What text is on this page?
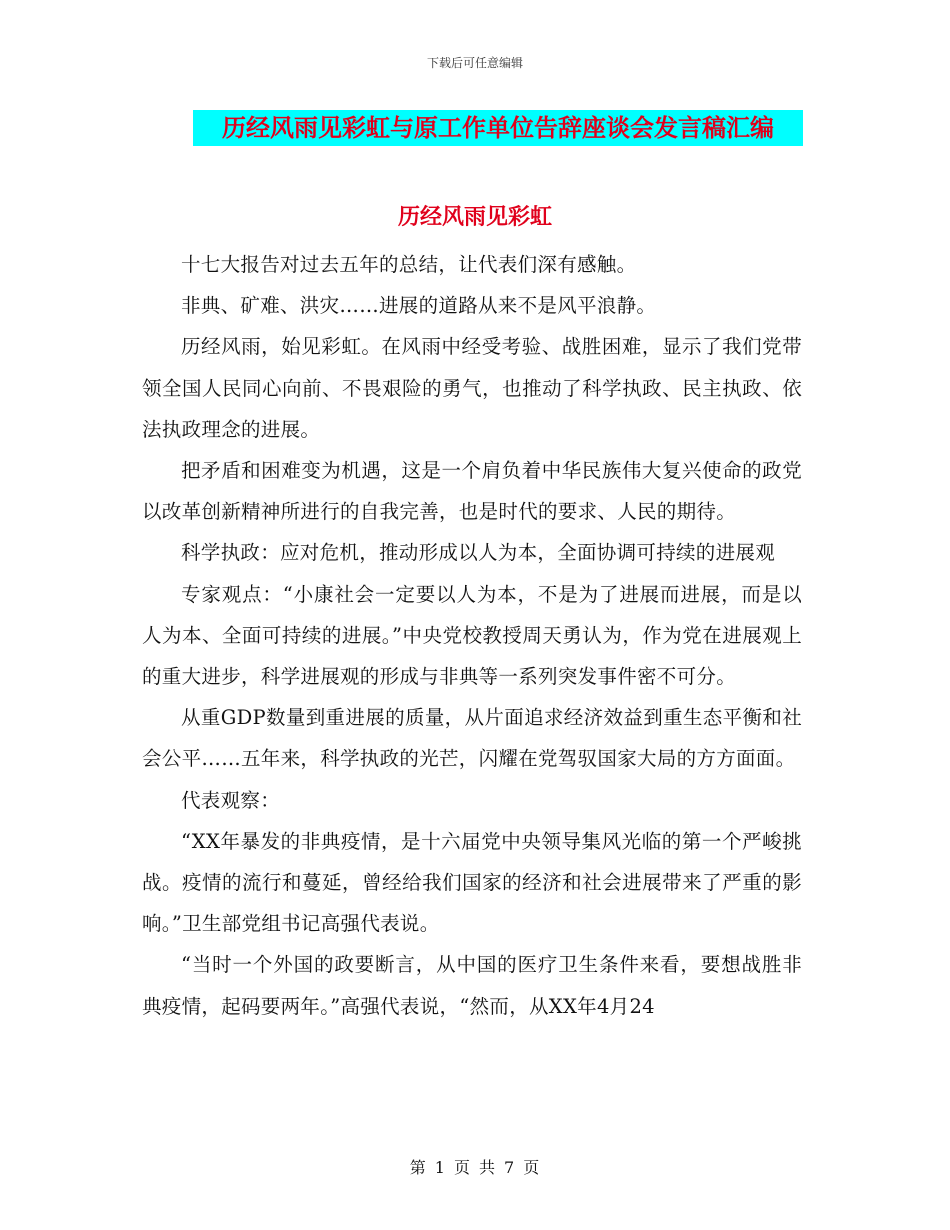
下载后可任意编辑
历经风雨见彩虹与原工作单位告辞座谈会发言稿汇编
历经风雨见彩虹

十七大报告对过去五年的总结，让代表们深有感触。

非典、矿难、洪灾……进展的道路从来不是风平浪静。

历经风雨，始见彩虹。在风雨中经受考验、战胜困难，显示了我们党带领全国人民同心向前、不畏艰险的勇气，也推动了科学执政、民主执政、依法执政理念的进展。

把矛盾和困难变为机遇，这是一个肩负着中华民族伟大复兴使命的政党以改革创新精神所进行的自我完善，也是时代的要求、人民的期待。

科学执政：应对危机，推动形成以人为本，全面协调可持续的进展观

专家观点：“小康社会一定要以人为本，不是为了进展而进展，而是以人为本、全面可持续的进展。”中央党校教授周天勇认为，作为党在进展观上的重大进步，科学进展观的形成与非典等一系列突发事件密不可分。

从重GDP数量到重进展的质量，从片面追求经济效益到重生态平衡和社会公平……五年来，科学执政的光芒，闪耀在党驾驭国家大局的方方面面。

代表观察：

“XX年暴发的非典疫情，是十六届党中央领导集风光临的第一个严峻挑战。疫情的流行和蔓延，曾经给我们国家的经济和社会进展带来了严重的影响。”卫生部党组书记高强代表说。

“当时一个外国的政要断言，从中国的医疗卫生条件来看，要想战胜非典疫情，起码要两年。”高强代表说，“然而，从XX年4月24

第 1 页 共 7 页
